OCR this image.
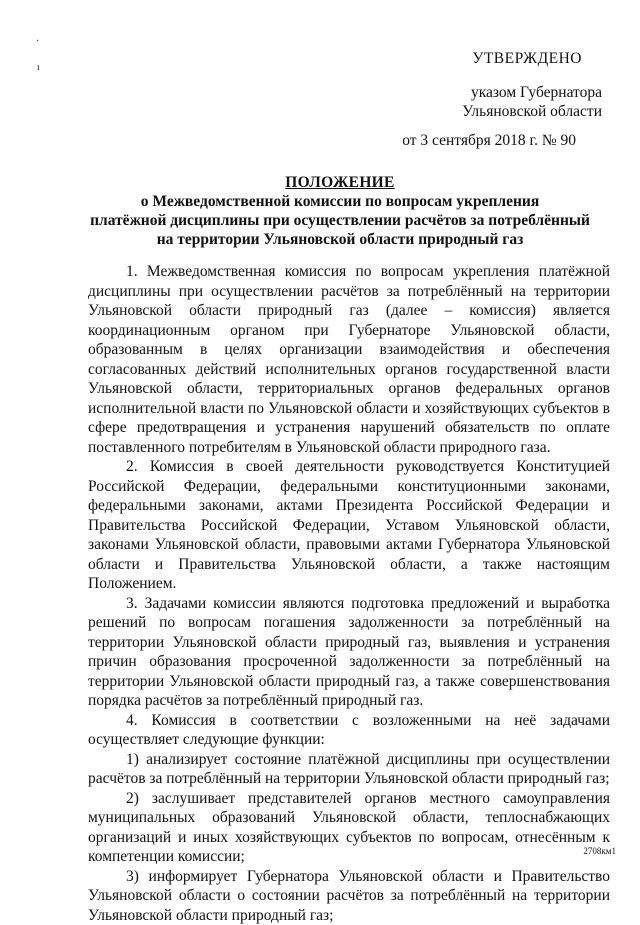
·
ı
УТВЕРЖДЕНО
указом Губернатора
Ульяновской области
от 3 сентября 2018 г. № 90
ПОЛОЖЕНИЕ
о Межведомственной комиссии по вопросам укрепления
платёжной дисциплины при осуществлении расчётов за потреблённый
на территории Ульяновской области природный газ

1. Межведомственная комиссия по вопросам укрепления платёжной дисциплины при осуществлении расчётов за потреблённый на территории Ульяновской области природный газ (далее – комиссия) является координационным органом при Губернаторе Ульяновской области, образованным в целях организации взаимодействия и обеспечения согласованных действий исполнительных органов государственной власти Ульяновской области, территориальных органов федеральных органов исполнительной власти по Ульяновской области и хозяйствующих субъектов в сфере предотвращения и устранения нарушений обязательств по оплате поставленного потребителям в Ульяновской области природного газа.

2. Комиссия в своей деятельности руководствуется Конституцией Российской Федерации, федеральными конституционными законами, федеральными законами, актами Президента Российской Федерации и Правительства Российской Федерации, Уставом Ульяновской области, законами Ульяновской области, правовыми актами Губернатора Ульяновской области и Правительства Ульяновской области, а также настоящим Положением.

3. Задачами комиссии являются подготовка предложений и выработка решений по вопросам погашения задолженности за потреблённый на территории Ульяновской области природный газ, выявления и устранения причин образования просроченной задолженности за потреблённый на территории Ульяновской области природный газ, а также совершенствования порядка расчётов за потреблённый природный газ.

4. Комиссия в соответствии с возложенными на неё задачами осуществляет следующие функции:

1) анализирует состояние платёжной дисциплины при осуществлении расчётов за потреблённый на территории Ульяновской области природный газ;

2) заслушивает представителей органов местного самоуправления муниципальных образований Ульяновской области, теплоснабжающих организаций и иных хозяйствующих субъектов по вопросам, отнесённым к компетенции комиссии;

3) информирует Губернатора Ульяновской области и Правительство Ульяновской области о состоянии расчётов за потреблённый на территории Ульяновской области природный газ;

2708км1
